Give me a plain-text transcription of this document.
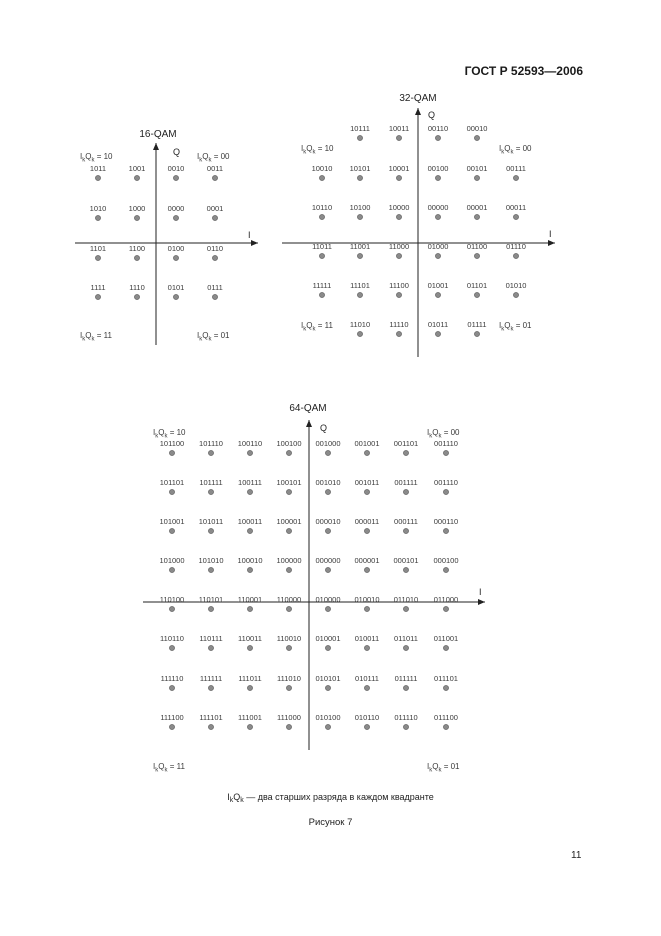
ГОСТ Р 52593—2006
16-QAM
Q
I
$I_kQ_k = 10$	$I_kQ_k = 00$
$I_kQ_k = 11$	$I_kQ_k = 01$
1011	1001	0010	0011
1010	1000	0000	0001
1101	1100	0100	0110
1111	1110	0101	0111
32-QAM
Q
I
$I_kQ_k = 10$	$I_kQ_k = 00$
$I_kQ_k = 11$	$I_kQ_k = 01$
10111	10011 00110 00010
10010 10101 10001 00100 00101 00111
10110 10100 10000 00000 00001 00011
11011 11001 11000 01000 01100	01110
11111	11101	11100 01001 01101 01010
11010	11110	01011	01111
64-QAM
Q
I
$I_kQ_k = 10$	$I_kQ_k = 00$
$I_kQ_k = 11$	$I_kQ_k = 01$
101100 101110 100110 100100 001000 001001 001101 001110
101101 101111 100111 100101 001010 001011 001111 001110
101001 101011 100011 100001 000010 000011 000111 000110
101000 101010 100010 100000 000000 000001 000101 000100
110100 110101 110001 110000 010000 010010 011010 011000
110110 110111 110011 110010 010001 010011 011011 011001
111110 111111 111011 111010 010101 010111 011111 011101
111100 111101 111001 111000 010100 010110 011110 011100
$I_kQ_k$ — два старших разряда в каждом квадранте
Рисунок 7
11
